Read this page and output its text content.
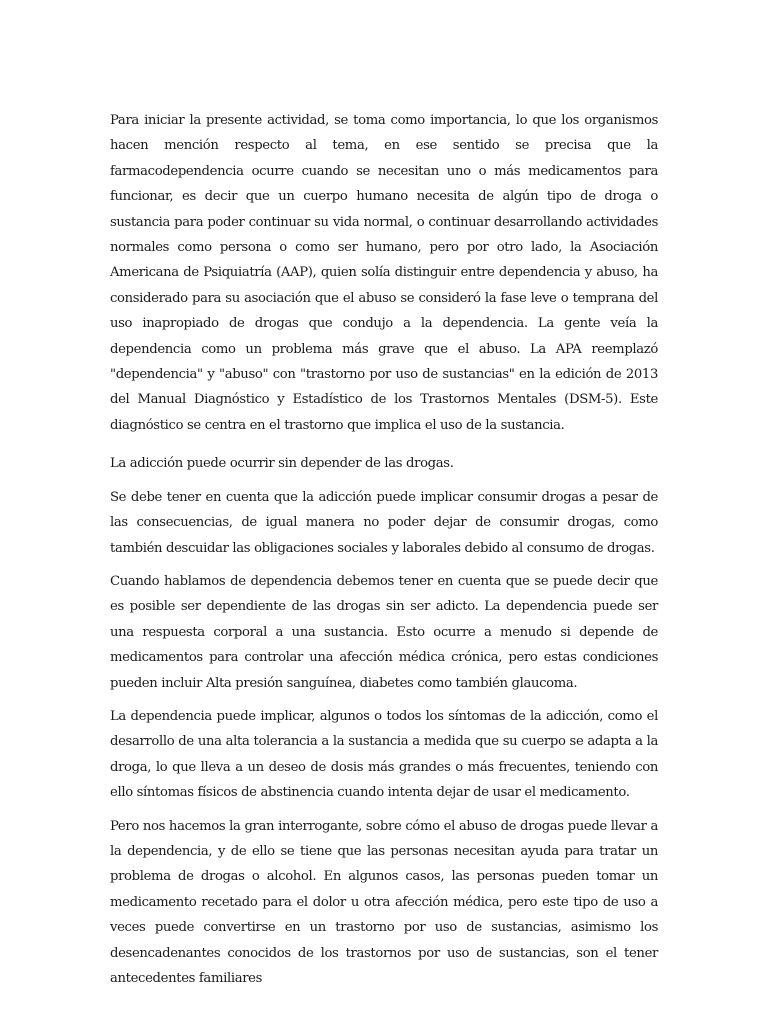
Para iniciar la presente actividad, se toma como importancia, lo que los organismos hacen mención respecto al tema, en ese sentido se precisa que la farmacodependencia ocurre cuando se necesitan uno o más medicamentos para funcionar, es decir que un cuerpo humano necesita de algún tipo de droga o sustancia para poder continuar su vida normal, o continuar desarrollando actividades normales como persona o como ser humano, pero por otro lado, la Asociación Americana de Psiquiatría (AAP), quien solía distinguir entre dependencia y abuso, ha considerado para su asociación que el abuso se consideró la fase leve o temprana del uso inapropiado de drogas que condujo a la dependencia. La gente veía la dependencia como un problema más grave que el abuso. La APA reemplazó "dependencia" y "abuso" con "trastorno por uso de sustancias" en la edición de 2013 del Manual Diagnóstico y Estadístico de los Trastornos Mentales (DSM-5). Este diagnóstico se centra en el trastorno que implica el uso de la sustancia.

La adicción puede ocurrir sin depender de las drogas.

Se debe tener en cuenta que la adicción puede implicar consumir drogas a pesar de las consecuencias, de igual manera no poder dejar de consumir drogas, como también descuidar las obligaciones sociales y laborales debido al consumo de drogas.

Cuando hablamos de dependencia debemos tener en cuenta que se puede decir que es posible ser dependiente de las drogas sin ser adicto. La dependencia puede ser una respuesta corporal a una sustancia. Esto ocurre a menudo si depende de medicamentos para controlar una afección médica crónica, pero estas condiciones pueden incluir Alta presión sanguínea, diabetes como también glaucoma.

La dependencia puede implicar, algunos o todos los síntomas de la adicción, como el desarrollo de una alta tolerancia a la sustancia a medida que su cuerpo se adapta a la droga, lo que lleva a un deseo de dosis más grandes o más frecuentes, teniendo con ello síntomas físicos de abstinencia cuando intenta dejar de usar el medicamento.

Pero nos hacemos la gran interrogante, sobre cómo el abuso de drogas puede llevar a la dependencia, y de ello se tiene que las personas necesitan ayuda para tratar un problema de drogas o alcohol. En algunos casos, las personas pueden tomar un medicamento recetado para el dolor u otra afección médica, pero este tipo de uso a veces puede convertirse en un trastorno por uso de sustancias, asimismo los desencadenantes conocidos de los trastornos por uso de sustancias, son el tener antecedentes familiares
